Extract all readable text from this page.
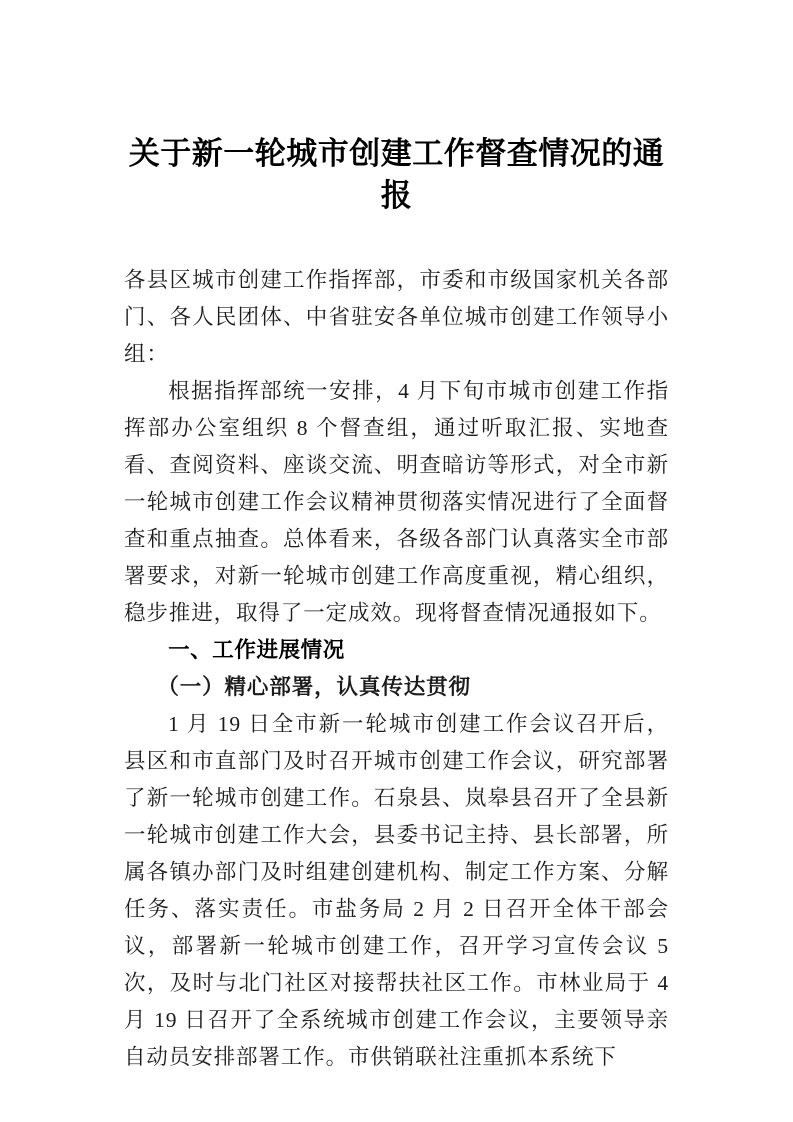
关于新一轮城市创建工作督查情况的通报

各县区城市创建工作指挥部，市委和市级国家机关各部门、各人民团体、中省驻安各单位城市创建工作领导小组：

根据指挥部统一安排，4 月下旬市城市创建工作指挥部办公室组织 8 个督查组，通过听取汇报、实地查看、查阅资料、座谈交流、明查暗访等形式，对全市新一轮城市创建工作会议精神贯彻落实情况进行了全面督查和重点抽查。总体看来，各级各部门认真落实全市部署要求，对新一轮城市创建工作高度重视，精心组织，稳步推进，取得了一定成效。现将督查情况通报如下。

一、工作进展情况
（一）精心部署，认真传达贯彻

1 月 19 日全市新一轮城市创建工作会议召开后，县区和市直部门及时召开城市创建工作会议，研究部署了新一轮城市创建工作。石泉县、岚皋县召开了全县新一轮城市创建工作大会，县委书记主持、县长部署，所属各镇办部门及时组建创建机构、制定工作方案、分解任务、落实责任。市盐务局 2 月 2 日召开全体干部会议，部署新一轮城市创建工作，召开学习宣传会议 5 次，及时与北门社区对接帮扶社区工作。市林业局于 4 月 19 日召开了全系统城市创建工作会议，主要领导亲自动员安排部署工作。市供销联社注重抓本系统下
